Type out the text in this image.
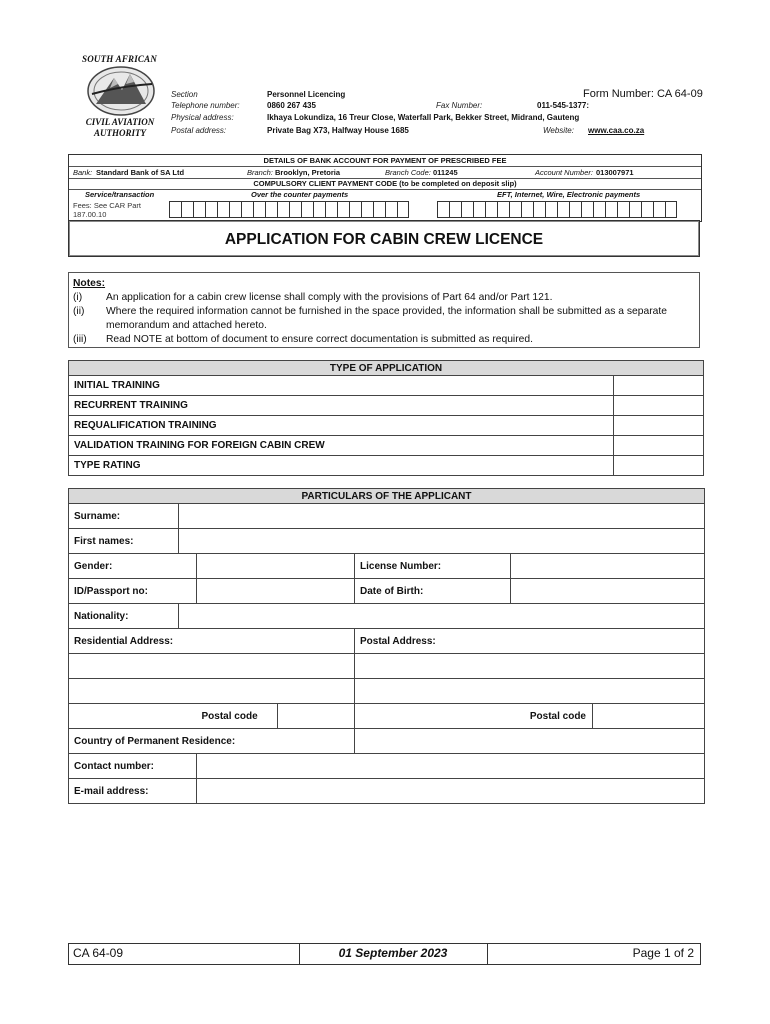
SOUTH AFRICAN
CIVIL AVIATION
AUTHORITY
Form Number: CA 64-09
Section	Personnel Licencing
Telephone number:	0860 267 435	Fax Number:	011-545-1377:
Physical address:	Ikhaya Lokundiza, 16 Treur Close, Waterfall Park, Bekker Street, Midrand, Gauteng
Postal address:	Private Bag X73, Halfway House 1685	Website: www.caa.co.za
DETAILS OF BANK ACCOUNT FOR PAYMENT OF PRESCRIBED FEE
Bank: Standard Bank of SA Ltd	Branch: Brooklyn, Pretoria	Branch Code: 011245	Account Number: 013007971
COMPULSORY CLIENT PAYMENT CODE (to be completed on deposit slip)
Service/transaction	Over the counter payments	EFT, Internet, Wire, Electronic payments
Fees: See CAR Part
187.00.10
APPLICATION FOR CABIN CREW LICENCE
Notes:
(i) An application for a cabin crew license shall comply with the provisions of Part 64 and/or Part 121.
(ii) Where the required information cannot be furnished in the space provided, the information shall be submitted as a separate
memorandum and attached hereto.
(iii) Read NOTE at bottom of document to ensure correct documentation is submitted as required.
TYPE OF APPLICATION	
INITIAL TRAINING	
RECURRENT TRAINING	
REQUALIFICATION TRAINING	
VALIDATION TRAINING FOR FOREIGN CABIN CREW	
TYPE RATING	
PARTICULARS OF THE APPLICANT						
Surname:						
First names:						
Gender:				License Number:		
ID/Passport no:				Date of Birth:		
Nationality:						
Residential Address:				Postal Address:		

		Postal code		Postal code		
Country of Permanent Residence:						
Contact number:						
E-mail address:						
CA 64-09	01 September 2023	Page 1 of 2
